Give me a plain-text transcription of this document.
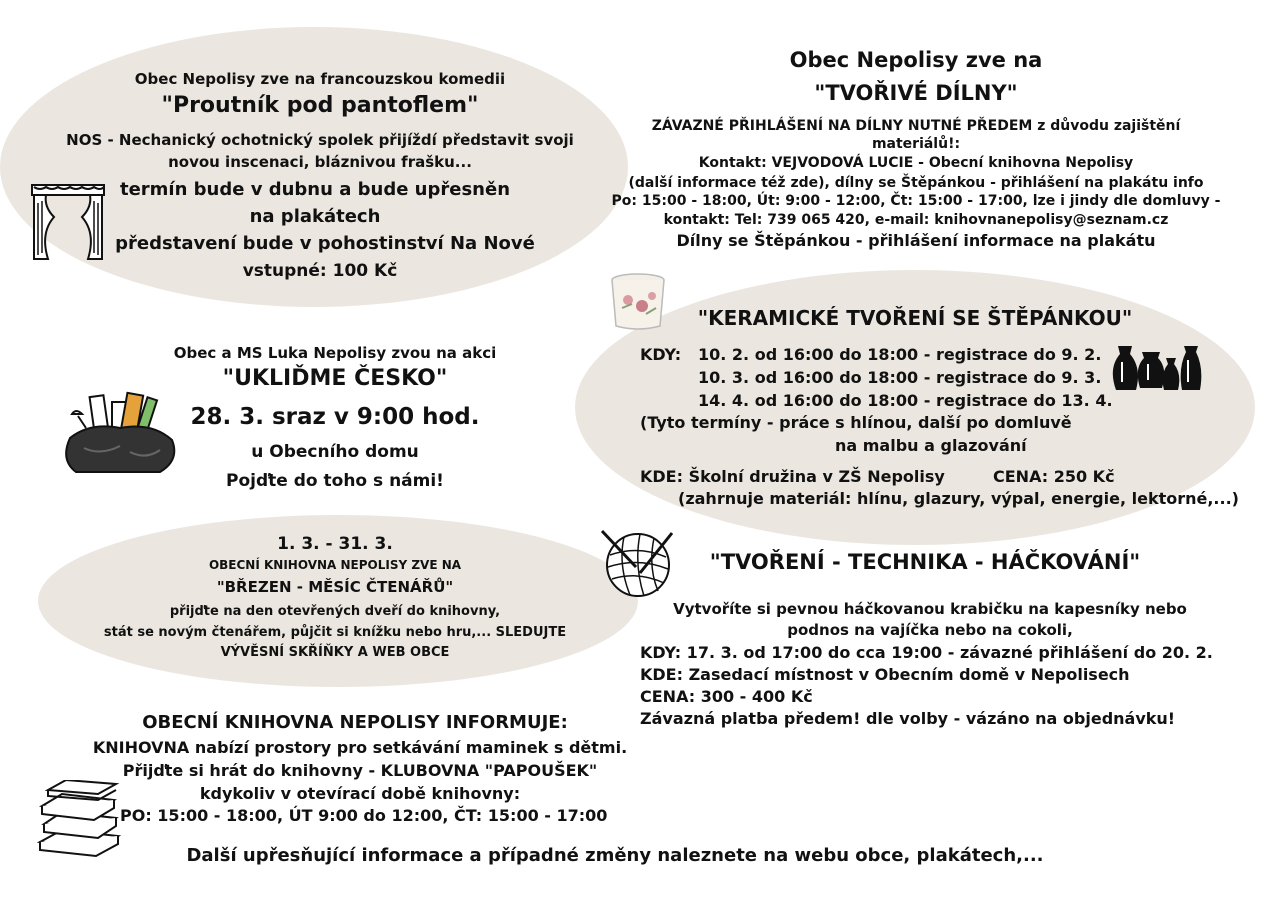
Obec Nepolisy zve na francouzskou komedii
"Proutník pod pantoflem"
NOS - Nechanický ochotnický spolek přijíždí představit svoji
novou inscenaci, bláznivou frašku...
termín bude v dubnu a bude upřesněn
na plakátech
představení bude v pohostinství Na Nové
vstupné: 100 Kč
Obec Nepolisy zve na
"TVOŘIVÉ DÍLNY"
ZÁVAZNÉ PŘIHLÁŠENÍ NA DÍLNY NUTNÉ PŘEDEM z důvodu zajištění
materiálů!:
Kontakt: VEJVODOVÁ LUCIE - Obecní knihovna Nepolisy
(další informace též zde), dílny se Štěpánkou - přihlášení na plakátu info
Po: 15:00 - 18:00, Út: 9:00 - 12:00, Čt: 15:00 - 17:00, lze i jindy dle domluvy -
kontakt: Tel: 739 065 420, e-mail: knihovnanepolisy@seznam.cz
Dílny se Štěpánkou - přihlášení informace na plakátu
Obec a MS Luka Nepolisy zvou na akci
"UKLIĎME ČESKO"
28. 3. sraz v 9:00 hod.
u Obecního domu
Pojďte do toho s námi!
"KERAMICKÉ TVOŘENÍ SE ŠTĚPÁNKOU"
KDY: 10. 2. od 16:00 do 18:00 - registrace do 9. 2.
10. 3. od 16:00 do 18:00 - registrace do 9. 3.
14. 4. od 16:00 do 18:00 - registrace do 13. 4.
(Tyto termíny - práce s hlínou, další po domluvě
na malbu a glazování
KDE: Školní družina v ZŠ Nepolisy	CENA: 250 Kč
(zahrnuje materiál: hlínu, glazury, výpal, energie, lektorné,...)
1. 3. - 31. 3.
OBECNÍ KNIHOVNA NEPOLISY ZVE NA
"BŘEZEN - MĚSÍC ČTENÁŘŮ"
přijďte na den otevřených dveří do knihovny,
stát se novým čtenářem, půjčit si knížku nebo hru,... SLEDUJTE
VÝVĚSNÍ SKŘÍŇKY A WEB OBCE
"TVOŘENÍ - TECHNIKA - HÁČKOVÁNÍ"
Vytvoříte si pevnou háčkovanou krabičku na kapesníky nebo
podnos na vajíčka nebo na cokoli,
KDY: 17. 3. od 17:00 do cca 19:00 - závazné přihlášení do 20. 2.
KDE: Zasedací místnost v Obecním domě v Nepolisech
CENA: 300 - 400 Kč
Závazná platba předem! dle volby - vázáno na objednávku!
OBECNÍ KNIHOVNA NEPOLISY INFORMUJE:
KNIHOVNA nabízí prostory pro setkávání maminek s dětmi.
Přijďte si hrát do knihovny - KLUBOVNA "PAPOUŠEK"
kdykoliv v otevírací době knihovny:
PO: 15:00 - 18:00, ÚT 9:00 do 12:00, ČT: 15:00 - 17:00
Další upřesňující informace a případné změny naleznete na webu obce, plakátech,...
